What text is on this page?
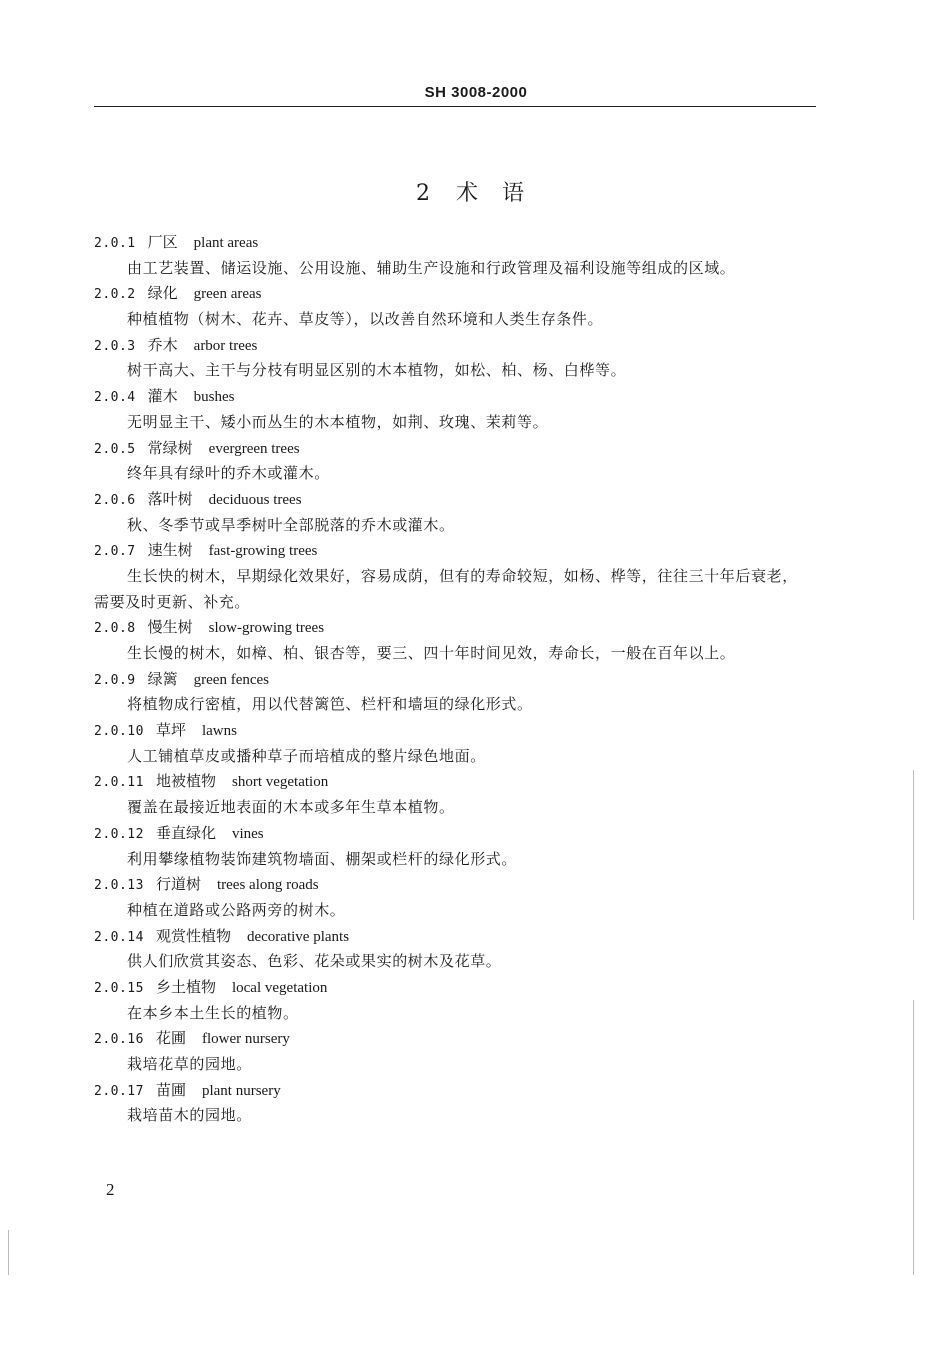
SH 3008-2000
2 术 语
2.0.1 厂区 plant areas
由工艺装置、储运设施、公用设施、辅助生产设施和行政管理及福利设施等组成的区域。
2.0.2 绿化 green areas
种植植物（树木、花卉、草皮等），以改善自然环境和人类生存条件。
2.0.3 乔木 arbor trees
树干高大、主干与分枝有明显区别的木本植物，如松、柏、杨、白桦等。
2.0.4 灌木 bushes
无明显主干、矮小而丛生的木本植物，如荆、玫瑰、茉莉等。
2.0.5 常绿树 evergreen trees
终年具有绿叶的乔木或灌木。
2.0.6 落叶树 deciduous trees
秋、冬季节或旱季树叶全部脱落的乔木或灌木。
2.0.7 速生树 fast-growing trees
生长快的树木，早期绿化效果好，容易成荫，但有的寿命较短，如杨、桦等，往往三十年后衰老，
需要及时更新、补充。
2.0.8 慢生树 slow-growing trees
生长慢的树木，如樟、柏、银杏等，要三、四十年时间见效，寿命长，一般在百年以上。
2.0.9 绿篱 green fences
将植物成行密植，用以代替篱笆、栏杆和墙垣的绿化形式。
2.0.10 草坪 lawns
人工铺植草皮或播种草子而培植成的整片绿色地面。
2.0.11 地被植物 short vegetation
覆盖在最接近地表面的木本或多年生草本植物。
2.0.12 垂直绿化 vines
利用攀缘植物装饰建筑物墙面、棚架或栏杆的绿化形式。
2.0.13 行道树 trees along roads
种植在道路或公路两旁的树木。
2.0.14 观赏性植物 decorative plants
供人们欣赏其姿态、色彩、花朵或果实的树木及花草。
2.0.15 乡土植物 local vegetation
在本乡本土生长的植物。
2.0.16 花圃 flower nursery
栽培花草的园地。
2.0.17 苗圃 plant nursery
栽培苗木的园地。
2
